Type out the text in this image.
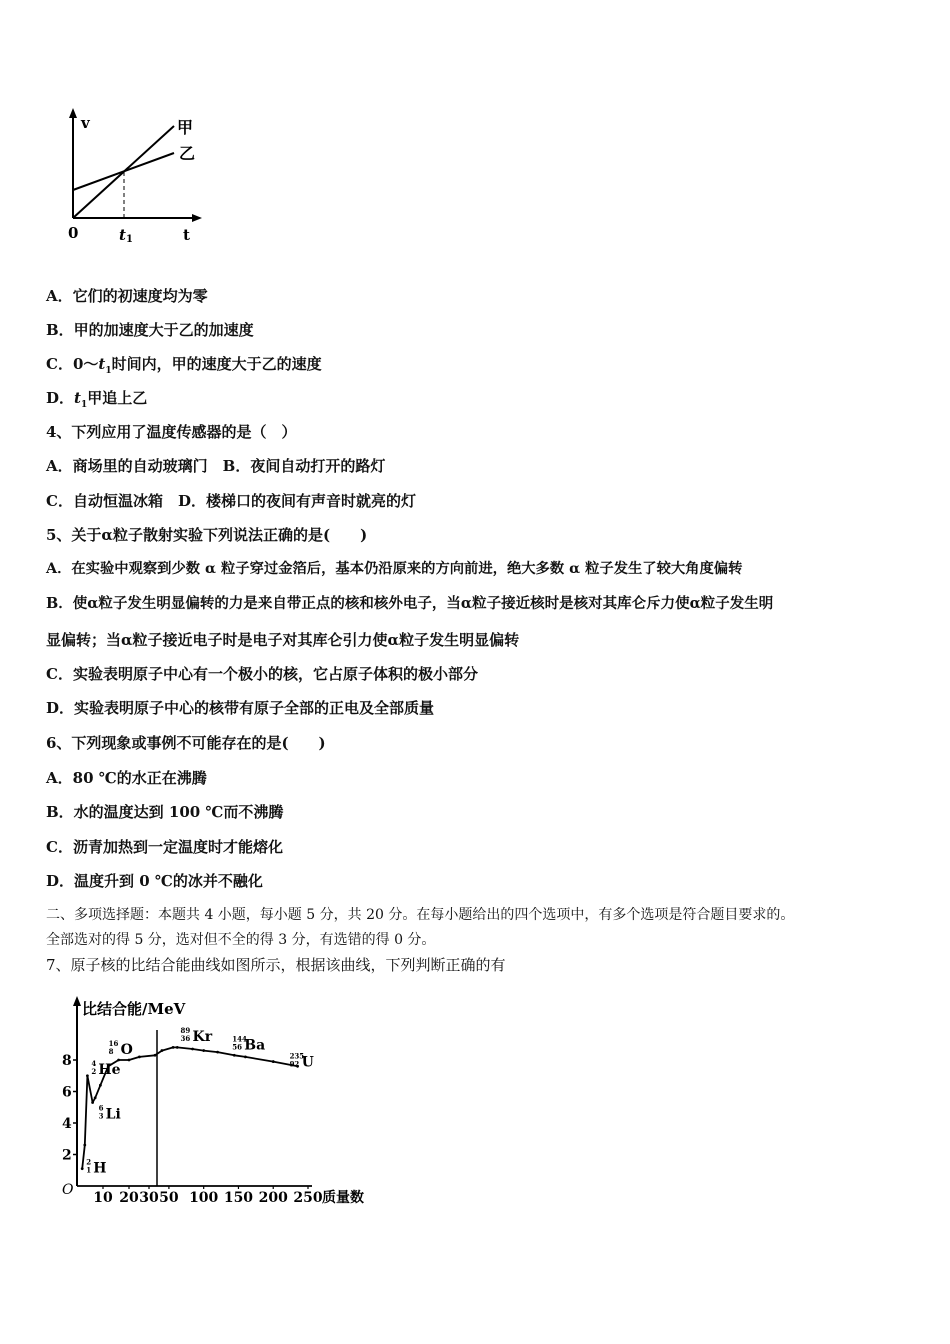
v	甲
乙
0	t1	t
A．它们的初速度均为零
B．甲的加速度大于乙的加速度
C．$0\sim t_1$时间内，甲的速度大于乙的速度
D．$t_1$甲追上乙
4、下列应用了温度传感器的是（　）
A．商场里的自动玻璃门　B．夜间自动打开的路灯
C．自动恒温冰箱　D．楼梯口的夜间有声音时就亮的灯
5、关于α粒子散射实验下列说法正确的是(　　)
A．在实验中观察到少数 α 粒子穿过金箔后，基本仍沿原来的方向前进，绝大多数 α 粒子发生了较大角度偏转
B．使α粒子发生明显偏转的力是来自带正点的核和核外电子，当α粒子接近核时是核对其库仑斥力使α粒子发生明
显偏转；当α粒子接近电子时是电子对其库仑引力使α粒子发生明显偏转
C．实验表明原子中心有一个极小的核，它占原子体积的极小部分
D．实验表明原子中心的核带有原子全部的正电及全部质量
6、下列现象或事例不可能存在的是(　　)
A．80 ℃的水正在沸腾
B．水的温度达到 100 ℃而不沸腾
C．沥青加热到一定温度时才能熔化
D．温度升到 0 ℃的冰并不融化
二、多项选择题：本题共 4 小题，每小题 5 分，共 20 分。在每小题给出的四个选项中，有多个选项是符合题目要求的。
全部选对的得 5 分，选对但不全的得 3 分，有选错的得 0 分。
7、原子核的比结合能曲线如图所示，根据该曲线，下列判断正确的有
比结合能/MeV
质量数
O
2
4
6
8
10 20 30 50 100 150 200 250
2
1 H
6
3 Li
4
2 He
16
8 O
89
36 Kr	144
56 Ba
235
92 U
